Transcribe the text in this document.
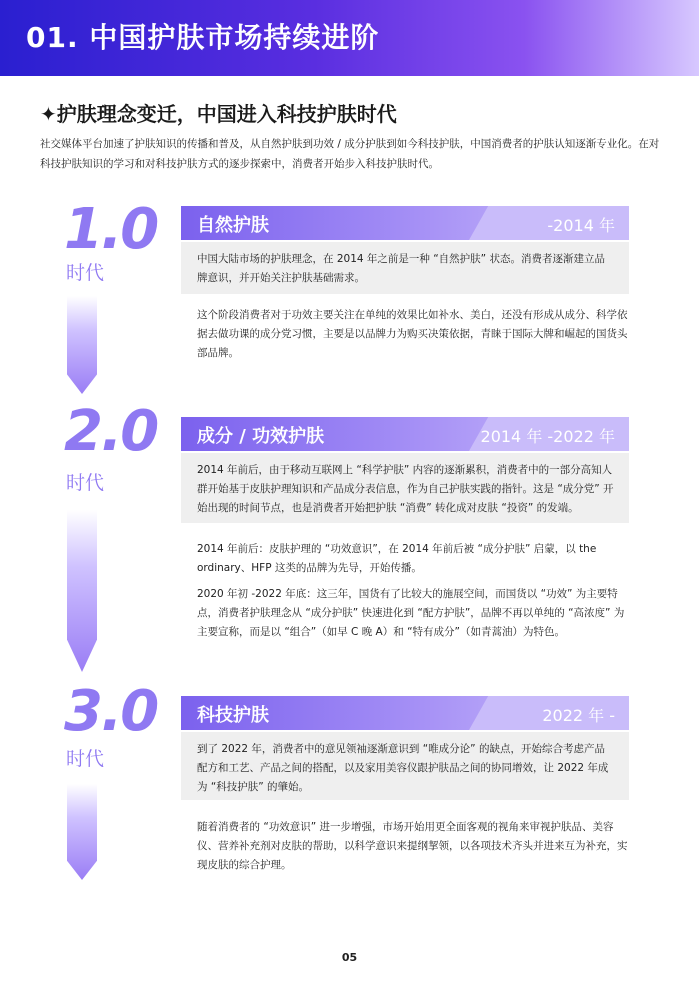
01. 中国护肤市场持续进阶
✦护肤理念变迁，中国进入科技护肤时代
社交媒体平台加速了护肤知识的传播和普及，从自然护肤到功效 / 成分护肤到如今科技护肤，中国消费者的护肤认知逐渐专业化。在对科技护肤知识的学习和对科技护肤方式的逐步探索中，消费者开始步入科技护肤时代。
1.0
时代
自然护肤	-2014 年
中国大陆市场的护肤理念，在 2014 年之前是一种 “自然护肤” 状态。消费者逐渐建立品牌意识，并开始关注护肤基础需求。
这个阶段消费者对于功效主要关注在单纯的效果比如补水、美白，还没有形成从成分、科学依据去做功课的成分党习惯，主要是以品牌力为购买决策依据，青睐于国际大牌和崛起的国货头部品牌。
2.0
时代
成分 / 功效护肤	2014 年 -2022 年
2014 年前后，由于移动互联网上 “科学护肤” 内容的逐渐累积，消费者中的一部分高知人群开始基于皮肤护理知识和产品成分表信息，作为自己护肤实践的指针。这是 “成分党” 开始出现的时间节点，也是消费者开始把护肤 “消费” 转化成对皮肤 “投资” 的发端。
2014 年前后：皮肤护理的 “功效意识”，在 2014 年前后被 “成分护肤” 启蒙，以 the ordinary、HFP 这类的品牌为先导，开始传播。
2020 年初 -2022 年底：这三年，国货有了比较大的施展空间，而国货以 “功效” 为主要特点，消费者护肤理念从 “成分护肤” 快速进化到 “配方护肤”，品牌不再以单纯的 “高浓度” 为主要宣称，而是以 “组合”（如早 C 晚 A）和 “特有成分”（如青蒿油）为特色。
3.0
时代
科技护肤	2022 年 -
到了 2022 年，消费者中的意见领袖逐渐意识到 “唯成分论” 的缺点，开始综合考虑产品配方和工艺、产品之间的搭配，以及家用美容仪跟护肤品之间的协同增效，让 2022 年成为 “科技护肤” 的肇始。
随着消费者的 “功效意识” 进一步增强，市场开始用更全面客观的视角来审视护肤品、美容仪、营养补充剂对皮肤的帮助，以科学意识来提纲挈领，以各项技术齐头并进来互为补充，实现皮肤的综合护理。
05
